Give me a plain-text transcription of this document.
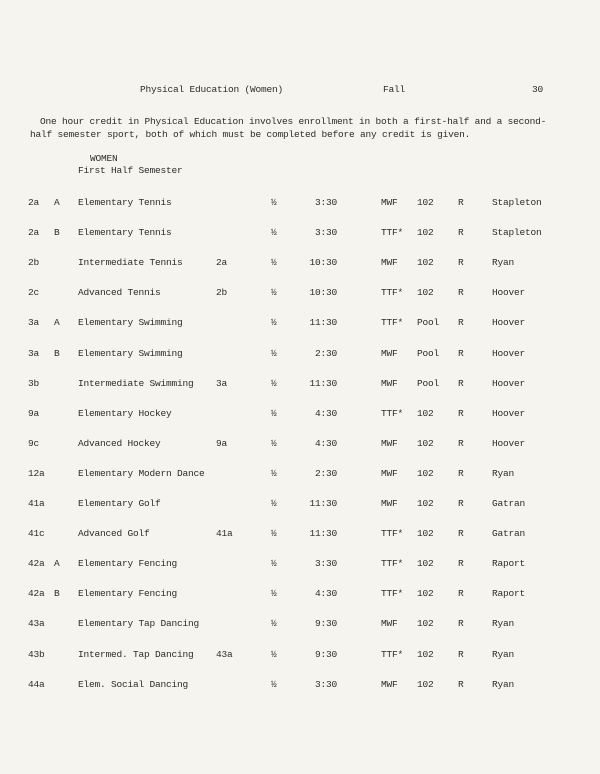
Physical Education (Women)	Fall	30

One hour credit in Physical Education involves enrollment in both a first-half and a second-

half semester sport, both of which must be completed before any credit is given.

WOMEN
First Half Semester
2a A Elementary Tennis	½	3:30	MWF 102	R	Stapleton
2a B Elementary Tennis	½	3:30	TTF* 102	R	Stapleton
2b	Intermediate Tennis	2a	½	10:30	MWF 102	R	Ryan
2c	Advanced Tennis	2b	½	10:30	TTF* 102	R	Hoover
3a A Elementary Swimming	½	11:30	TTF* Pool R	Hoover
3a B Elementary Swimming	½	2:30	MWF Pool R	Hoover
3b	Intermediate Swimming 3a	½	11:30	MWF Pool R	Hoover
9a	Elementary Hockey	½	4:30	TTF* 102	R	Hoover
9c	Advanced Hockey	9a	½	4:30	MWF 102	R	Hoover
12a	Elementary Modern Dance	½	2:30	MWF 102	R	Ryan
41a	Elementary Golf	½	11:30	MWF 102	R	Gatran
41c	Advanced Golf	41a	½	11:30	TTF* 102	R	Gatran
42a A Elementary Fencing	½	3:30	TTF* 102	R	Raport
42a B Elementary Fencing	½	4:30	TTF* 102	R	Raport
43a	Elementary Tap Dancing	½	9:30	MWF 102	R	Ryan
43b	Intermed. Tap Dancing 43a	½	9:30	TTF* 102	R	Ryan
44a	Elem. Social Dancing	½	3:30	MWF 102	R	Ryan
